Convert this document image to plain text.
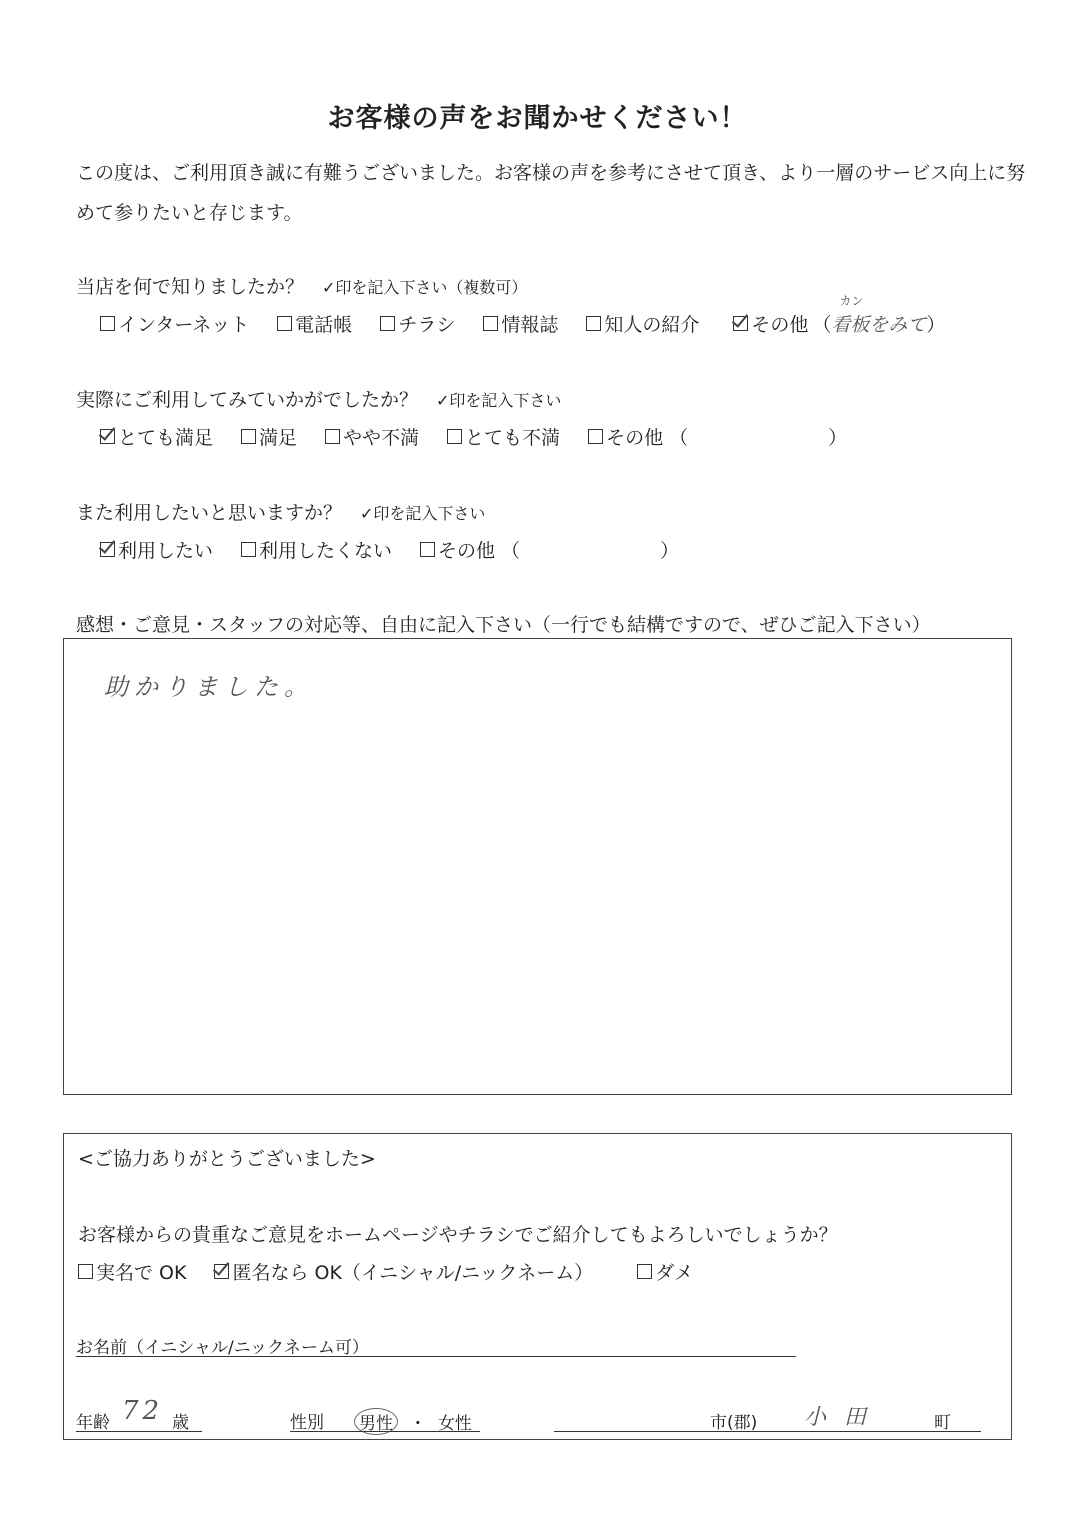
お客様の声をお聞かせください！
この度は、ご利用頂き誠に有難うございました。お客様の声を参考にさせて頂き、より一層のサービス向上に努
めて参りたいと存じます。
当店を何で知りましたか？ ✓印を記入下さい（複数可）
インターネット 電話帳 チラシ 情報誌 知人の紹介	その他 （
カン
看板をみて ）
実際にご利用してみていかがでしたか？ ✓印を記入下さい
とても満足 満足 やや不満 とても不満 その他 （	）
また利用したいと思いますか？ ✓印を記入下さい
利用したい 利用したくない その他 （	）
感想・ご意見・スタッフの対応等、自由に記入下さい（一行でも結構ですので、ぜひご記入下さい）
助かりました。
<ご協力ありがとうございました>
お客様からの貴重なご意見をホームページやチラシでご紹介してもよろしいでしょうか？
実名で OK 匿名なら OK（イニシャル/ニックネーム）	ダメ
お名前（イニシャル/ニックネーム可）
年齢 72 歳	性別 男性 ・ 女性	市(郡) 小田	町
